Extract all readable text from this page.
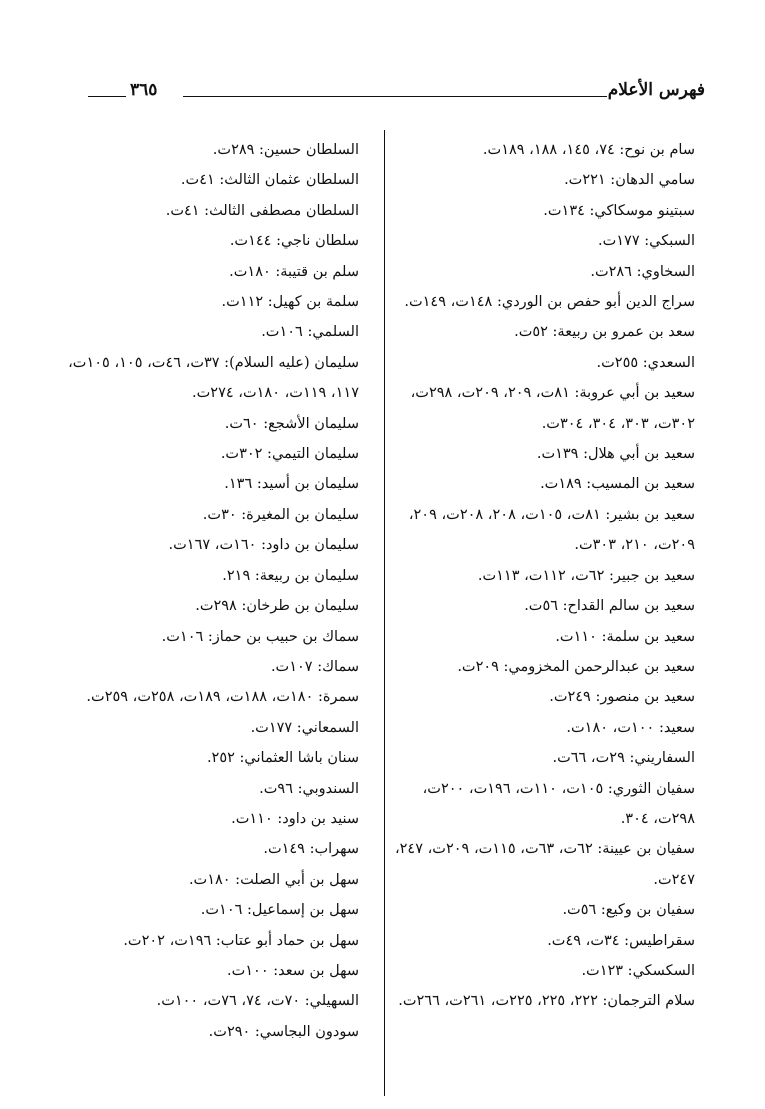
فهرس الأعلام
٣٦٥
سام بن نوح: ٧٤، ١٤٥، ١٨٨، ١٨٩ت.
سامي الدهان: ٢٢١ت.
سبتينو موسكاكي: ١٣٤ت.
السبكي: ١٧٧ت.
السخاوي: ٢٨٦ت.
سراج الدين أبو حفص بن الوردي: ١٤٨ت، ١٤٩ت.
سعد بن عمرو بن ربيعة: ٥٢ت.
السعدي: ٢٥٥ت.
سعيد بن أبي عروبة: ٨١ت، ٢٠٩، ٢٠٩ت، ٢٩٨ت، ٣٠٢ت، ٣٠٣، ٣٠٤، ٣٠٤ت.
سعيد بن أبي هلال: ١٣٩ت.
سعيد بن المسيب: ١٨٩ت.
سعيد بن بشير: ٨١ت، ١٠٥ت، ٢٠٨، ٢٠٨ت، ٢٠٩، ٢٠٩ت، ٢١٠، ٣٠٣ت.
سعيد بن جبير: ٦٢ت، ١١٢ت، ١١٣ت.
سعيد بن سالم القداح: ٥٦ت.
سعيد بن سلمة: ١١٠ت.
سعيد بن عبدالرحمن المخزومي: ٢٠٩ت.
سعيد بن منصور: ٢٤٩ت.
سعيد: ١٠٠ت، ١٨٠ت.
السفاريني: ٢٩ت، ٦٦ت.
سفيان الثوري: ١٠٥ت، ١١٠ت، ١٩٦ت، ٢٠٠ت، ٢٩٨ت، ٣٠٤.
سفيان بن عيينة: ٦٢ت، ٦٣ت، ١١٥ت، ٢٠٩ت، ٢٤٧، ٢٤٧ت.
سفيان بن وكيع: ٥٦ت.
سقراطيس: ٣٤ت، ٤٩ت.
السكسكي: ١٢٣ت.
سلام الترجمان: ٢٢٢، ٢٢٥، ٢٢٥ت، ٢٦١ت، ٢٦٦ت.
السلطان حسين: ٢٨٩ت.
السلطان عثمان الثالث: ٤١ت.
السلطان مصطفى الثالث: ٤١ت.
سلطان ناجي: ١٤٤ت.
سلم بن قتيبة: ١٨٠ت.
سلمة بن كهيل: ١١٢ت.
السلمي: ١٠٦ت.
سليمان (عليه السلام): ٣٧ت، ٤٦ت، ١٠٥، ١٠٥ت، ١١٧، ١١٩ت، ١٨٠ت، ٢٧٤ت.
سليمان الأشجع: ٦٠ت.
سليمان التيمي: ٣٠٢ت.
سليمان بن أسيد: ١٣٦.
سليمان بن المغيرة: ٣٠ت.
سليمان بن داود: ١٦٠ت، ١٦٧ت.
سليمان بن ربيعة: ٢١٩.
سليمان بن طرخان: ٢٩٨ت.
سماك بن حبيب بن حماز: ١٠٦ت.
سماك: ١٠٧ت.
سمرة: ١٨٠ت، ١٨٨ت، ١٨٩ت، ٢٥٨ت، ٢٥٩ت.
السمعاني: ١٧٧ت.
سنان باشا العثماني: ٢٥٢.
السندوبي: ٩٦ت.
سنيد بن داود: ١١٠ت.
سهراب: ١٤٩ت.
سهل بن أبي الصلت: ١٨٠ت.
سهل بن إسماعيل: ١٠٦ت.
سهل بن حماد أبو عتاب: ١٩٦ت، ٢٠٢ت.
سهل بن سعد: ١٠٠ت.
السهيلي: ٧٠ت، ٧٤، ٧٦ت، ١٠٠ت.
سودون البجاسي: ٢٩٠ت.
